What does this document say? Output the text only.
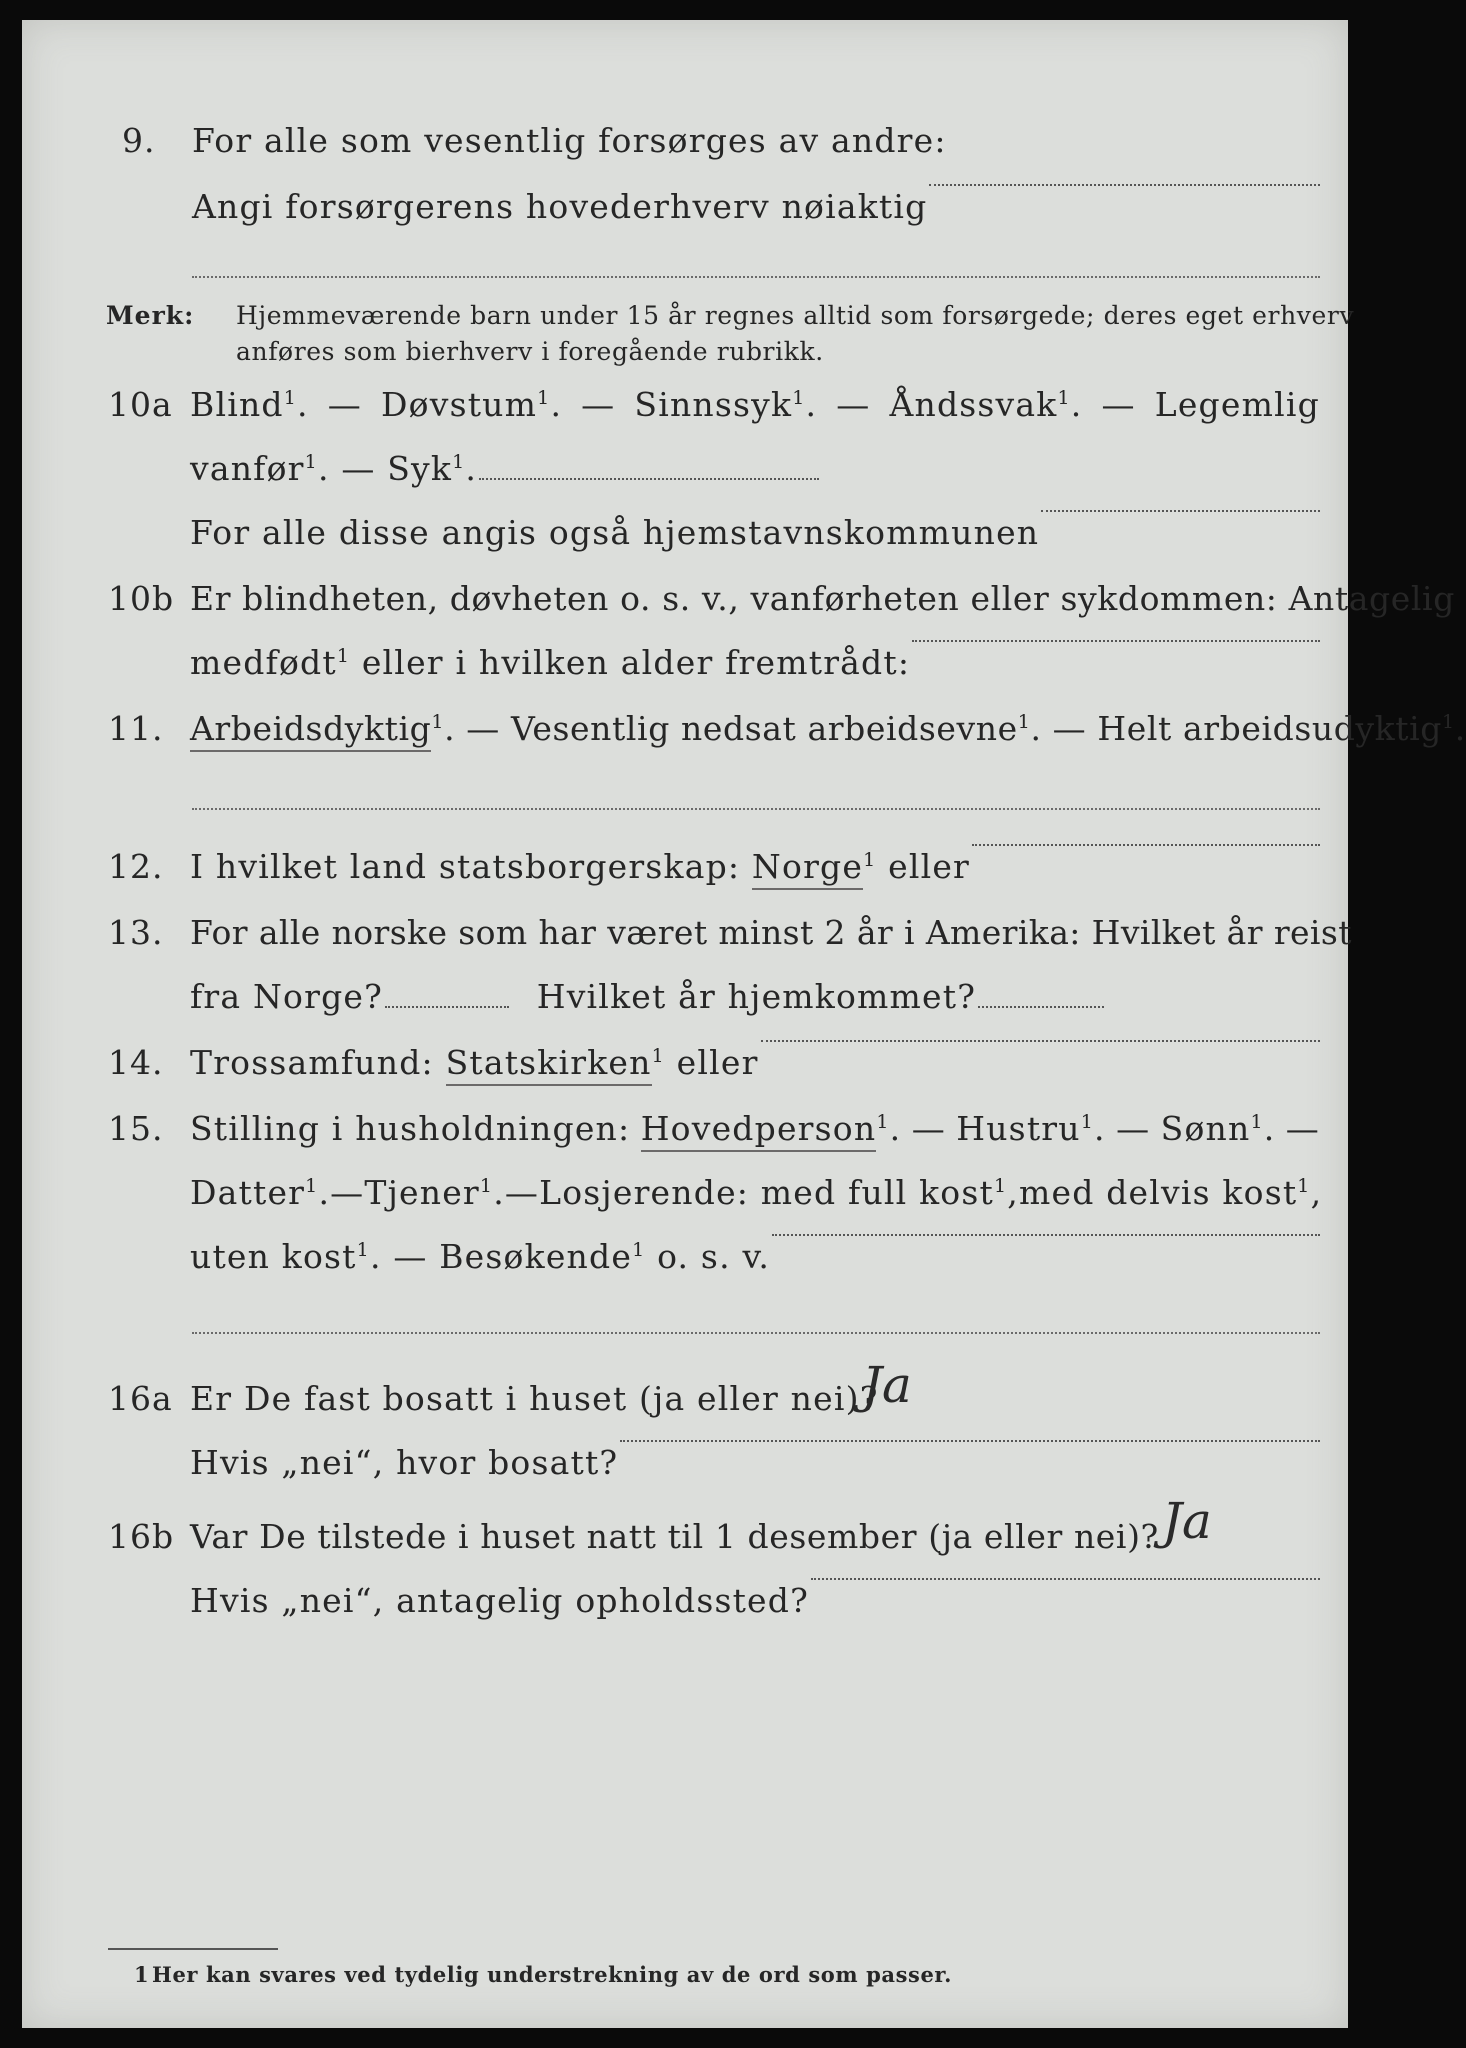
9. For alle som vesentlig forsørges av andre:
Angi forsørgerens hovederhverv nøiaktig
Merk: Hjemmeværende barn under 15 år regnes alltid som forsørgede; deres eget erhverv
anføres som bierhverv i foregående rubrikk.
10a Blind$^1$. — Døvstum$^1$. — Sinnssyk$^1$. — Åndssvak$^1$. — Legemlig
vanfør$^1$. — Syk$^1$.
For alle disse angis også hjemstavnskommunen
10b Er blindheten, døvheten o. s. v., vanførheten eller sykdommen: Antagelig
medfødt$^1$ eller i hvilken alder fremtrådt:
11. Arbeidsdyktig$^1$. — Vesentlig nedsat arbeidsevne$^1$. — Helt arbeidsudyktig$^1$.
12. I hvilket land statsborgerskap: Norge$^1$ eller
13. For alle norske som har været minst 2 år i Amerika: Hvilket år reist
fra Norge?	Hvilket år hjemkommet?
14. Trossamfund: Statskirken$^1$ eller
15. Stilling i husholdningen: Hovedperson$^1$. — Hustru$^1$. — Sønn$^1$. —
Datter$^1$. — Tjener$^1$. — Losjerende: med full kost$^1$, med delvis kost$^1$,
uten kost$^1$. — Besøkende$^1$ o. s. v.
16a Er De fast bosatt i huset (ja eller nei)?
Ja
Hvis „nei“, hvor bosatt?
16b Var De tilstede i huset natt til 1 desember (ja eller nei)? Ja
Hvis „nei“, antagelig opholdssted?
1 Her kan svares ved tydelig understrekning av de ord som passer.
